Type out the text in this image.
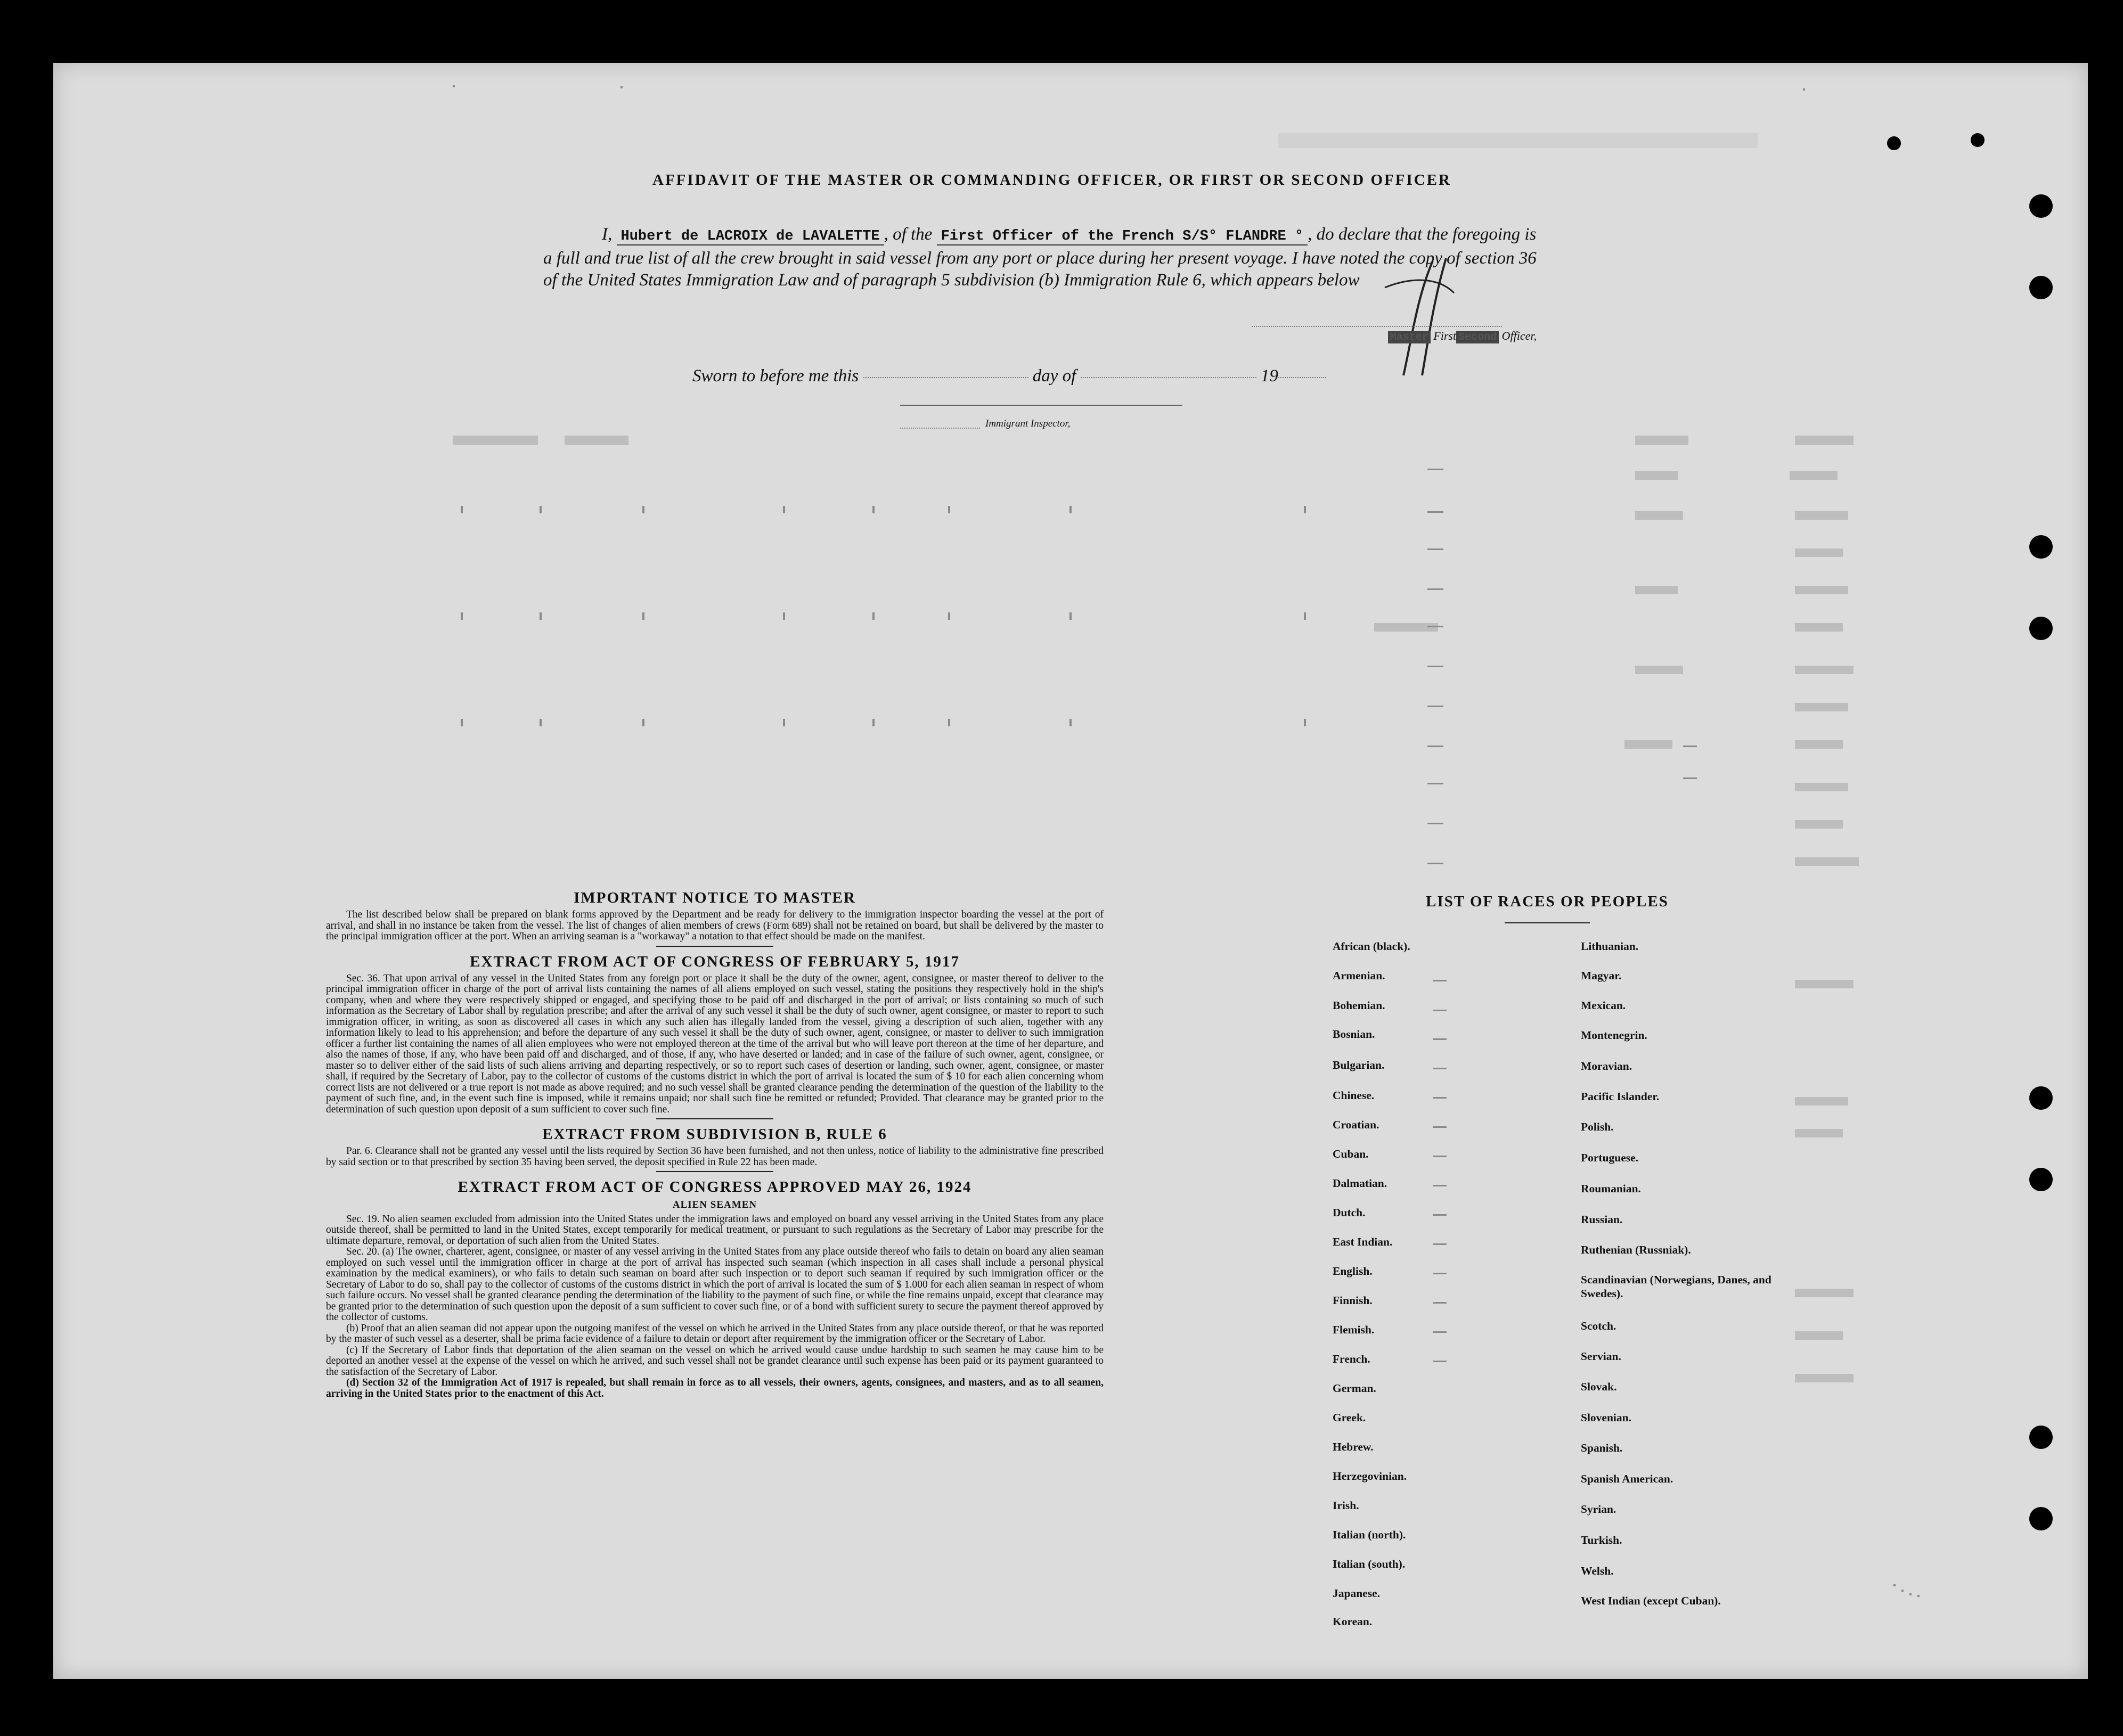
AFFIDAVIT OF THE MASTER OR COMMANDING OFFICER, OR FIRST OR SECOND OFFICER
I, Hubert de LACROIX de LAVALETTE , of the First Officer of the French S/S° FLANDRE ° , do declare that the foregoing is a full and true list of all the crew brought in said vessel from any port or place during her present voyage. I have noted the copy of section 36 of the United States Immigration Law and of paragraph 5 subdivision (b) Immigration Rule 6, which appears below
Master First Second Officer,
Sworn to before me this	day of	19
Immigrant Inspector,
IMPORTANT NOTICE TO MASTER

The list described below shall be prepared on blank forms approved by the Department and be ready for delivery to the immigration inspector boarding the vessel at the port of arrival, and shall in no instance be taken from the vessel. The list of changes of alien members of crews (Form 689) shall not be retained on board, but shall be delivered by the master to the principal immigration officer at the port. When an arriving seaman is a "workaway" a notation to that effect should be made on the manifest.

EXTRACT FROM ACT OF CONGRESS OF FEBRUARY 5, 1917

Sec. 36. That upon arrival of any vessel in the United States from any foreign port or place it shall be the duty of the owner, agent, consignee, or master thereof to deliver to the principal immigration officer in charge of the port of arrival lists containing the names of all aliens employed on such vessel, stating the positions they respectively hold in the ship's company, when and where they were respectively shipped or engaged, and specifying those to be paid off and discharged in the port of arrival; or lists containing so much of such information as the Secretary of Labor shall by regulation prescribe; and after the arrival of any such vessel it shall be the duty of such owner, agent consignee, or master to report to such immigration officer, in writing, as soon as discovered all cases in which any such alien has illegally landed from the vessel, giving a description of such alien, together with any information likely to lead to his apprehension; and before the departure of any such vessel it shall be the duty of such owner, agent, consignee, or master to deliver to such immigration officer a further list containing the names of all alien employees who were not employed thereon at the time of the arrival but who will leave port thereon at the time of her departure, and also the names of those, if any, who have been paid off and discharged, and of those, if any, who have deserted or landed; and in case of the failure of such owner, agent, consignee, or master so to deliver either of the said lists of such aliens arriving and departing respectively, or so to report such cases of desertion or landing, such owner, agent, consignee, or master shall, if required by the Secretary of Labor, pay to the collector of customs of the customs district in which the port of arrival is located the sum of $ 10 for each alien concerning whom correct lists are not delivered or a true report is not made as above required; and no such vessel shall be granted clearance pending the determination of the question of the liability to the payment of such fine, and, in the event such fine is imposed, while it remains unpaid; nor shall such fine be remitted or refunded; Provided. That clearance may be granted prior to the determination of such question upon deposit of a sum sufficient to cover such fine.

EXTRACT FROM SUBDIVISION B, RULE 6

Par. 6. Clearance shall not be granted any vessel until the lists required by Section 36 have been furnished, and not then unless, notice of liability to the administrative fine prescribed by said section or to that prescribed by section 35 having been served, the deposit specified in Rule 22 has been made.

EXTRACT FROM ACT OF CONGRESS APPROVED MAY 26, 1924
ALIEN SEAMEN

Sec. 19. No alien seamen excluded from admission into the United States under the immigration laws and employed on board any vessel arriving in the United States from any place outside thereof, shall be permitted to land in the United States, except temporarily for medical treatment, or pursuant to such regulations as the Secretary of Labor may prescribe for the ultimate departure, removal, or deportation of such alien from the United States.

Sec. 20. (a) The owner, charterer, agent, consignee, or master of any vessel arriving in the United States from any place outside thereof who fails to detain on board any alien seaman employed on such vessel until the immigration officer in charge at the port of arrival has inspected such seaman (which inspection in all cases shall include a personal physical examination by the medical examiners), or who fails to detain such seaman on board after such inspection or to deport such seaman if required by such immigration officer or the Secretary of Labor to do so, shall pay to the collector of customs of the customs district in which the port of arrival is located the sum of $ 1.000 for each alien seaman in respect of whom such failure occurs. No vessel shall be granted clearance pending the determination of the liability to the payment of such fine, or while the fine remains unpaid, except that clearance may be granted prior to the determination of such question upon the deposit of a sum sufficient to cover such fine, or of a bond with sufficient surety to secure the payment thereof approved by the collector of customs.

(b) Proof that an alien seaman did not appear upon the outgoing manifest of the vessel on which he arrived in the United States from any place outside thereof, or that he was reported by the master of such vessel as a deserter, shall be prima facie evidence of a failure to detain or deport after requirement by the immigration officer or the Secretary of Labor.

(c) If the Secretary of Labor finds that deportation of the alien seaman on the vessel on which he arrived would cause undue hardship to such seamen he may cause him to be deported an another vessel at the expense of the vessel on which he arrived, and such vessel shall not be grandet clearance until such expense has been paid or its payment guaranteed to the satisfaction of the Secretary of Labor.

(d) Section 32 of the Immigration Act of 1917 is repealed, but shall remain in force as to all vessels, their owners, agents, consignees, and masters, and as to all seamen, arriving in the United States prior to the enactment of this Act.

LIST OF RACES OR PEOPLES
African (black).
Armenian.
Bohemian.
Bosnian.
Bulgarian.
Chinese.
Croatian.
Cuban.
Dalmatian.
Dutch.
East Indian.
English.
Finnish.
Flemish.
French.
German.
Greek.
Hebrew.
Herzegovinian.
Irish.
Italian (north).
Italian (south).
Japanese.
Korean.
Lithuanian.
Magyar.
Mexican.
Montenegrin.
Moravian.
Pacific Islander.
Polish.
Portuguese.
Roumanian.
Russian.
Ruthenian (Russniak).
Scandinavian (Norwegians, Danes, and Swedes).
Scotch.
Servian.
Slovak.
Slovenian.
Spanish.
Spanish American.
Syrian.
Turkish.
Welsh.
West Indian (except Cuban).
